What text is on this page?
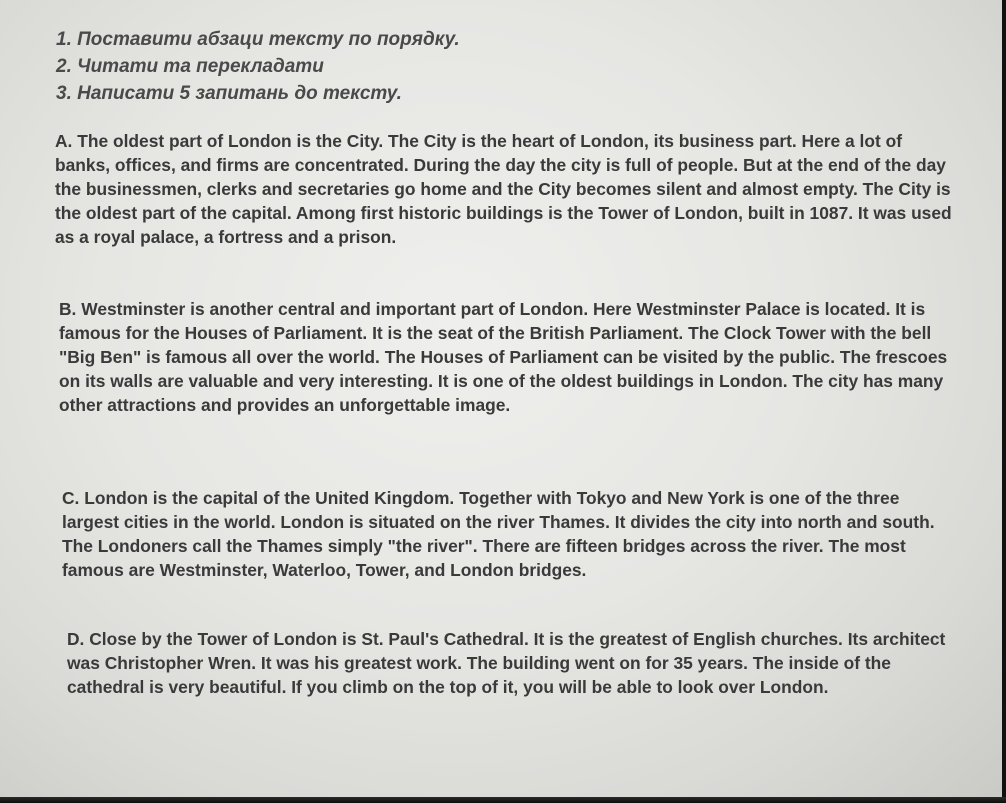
1. Поставити абзаци тексту по порядку.
2. Читати та перекладати
3. Написати 5 запитань до тексту.

A. The oldest part of London is the City. The City is the heart of London, its business part. Here a lot of banks, offices, and firms are concentrated. During the day the city is full of people. But at the end of the day the businessmen, clerks and secretaries go home and the City becomes silent and almost empty. The City is the oldest part of the capital. Among first historic buildings is the Tower of London, built in 1087. It was used as a royal palace, a fortress and a prison.

B. Westminster is another central and important part of London. Here Westminster Palace is located. It is famous for the Houses of Parliament. It is the seat of the British Parliament. The Clock Tower with the bell "Big Ben" is famous all over the world. The Houses of Parliament can be visited by the public. The frescoes on its walls are valuable and very interesting. It is one of the oldest buildings in London. The city has many other attractions and provides an unforgettable image.

C. London is the capital of the United Kingdom. Together with Tokyo and New York is one of the three largest cities in the world. London is situated on the river Thames. It divides the city into north and south. The Londoners call the Thames simply "the river". There are fifteen bridges across the river. The most famous are Westminster, Waterloo, Tower, and London bridges.

D. Close by the Tower of London is St. Paul's Cathedral. It is the greatest of English churches. Its architect was Christopher Wren. It was his greatest work. The building went on for 35 years. The inside of the cathedral is very beautiful. If you climb on the top of it, you will be able to look over London.
